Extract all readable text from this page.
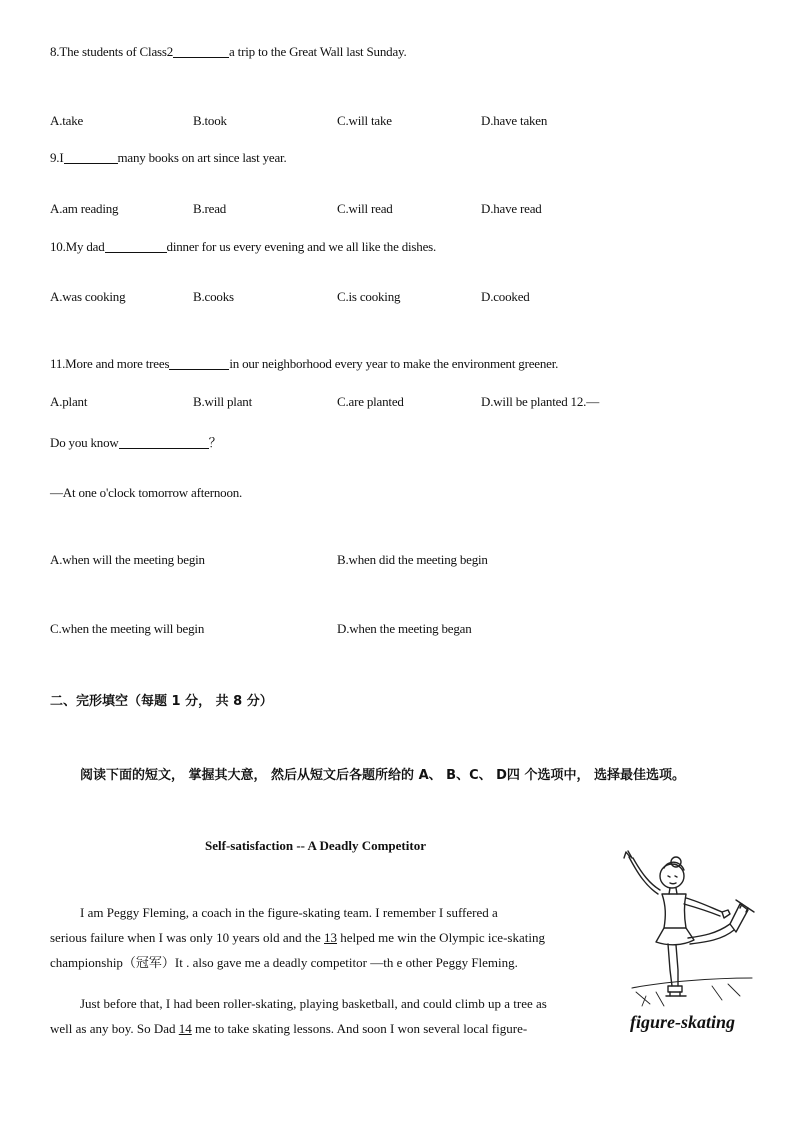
8.The students of Class2	a trip to the Great Wall last Sunday.
A.take	B.took	C.will take	D.have taken
9.I	many books on art since last year.
A.am reading	B.read	C.will read	D.have read
10.My dad	dinner for us every evening and we all like the dishes.
A.was cooking	B.cooks	C.is cooking	D.cooked
11.More and more trees	in our neighborhood every year to make the environment greener.
A.plant	B.will plant	C.are planted	D.will be planted 12.—
Do you know	？
—At one o'clock tomorrow afternoon.
A.when will the meeting begin	B.when did the meeting begin
C.when the meeting will begin	D.when the meeting began
二、完形填空（每题 1 分， 共 8 分）
阅读下面的短文， 掌握其大意， 然后从短文后各题所给的 A、 B、C、 D四 个选项中， 选择最佳选项。
Self-satisfaction -- A Deadly Competitor
I am Peggy Fleming, a coach in the figure-skating team. I remember I suffered a
serious failure when I was only 10 years old and the 13 helped me win the Olympic ice-skating
championship（冠军）It . also gave me a deadly competitor —th e other Peggy Fleming.
Just before that, I had been roller-skating, playing basketball, and could climb up a tree as
well as any boy. So Dad 14 me to take skating lessons. And soon I won several local figure-	figure-skating
